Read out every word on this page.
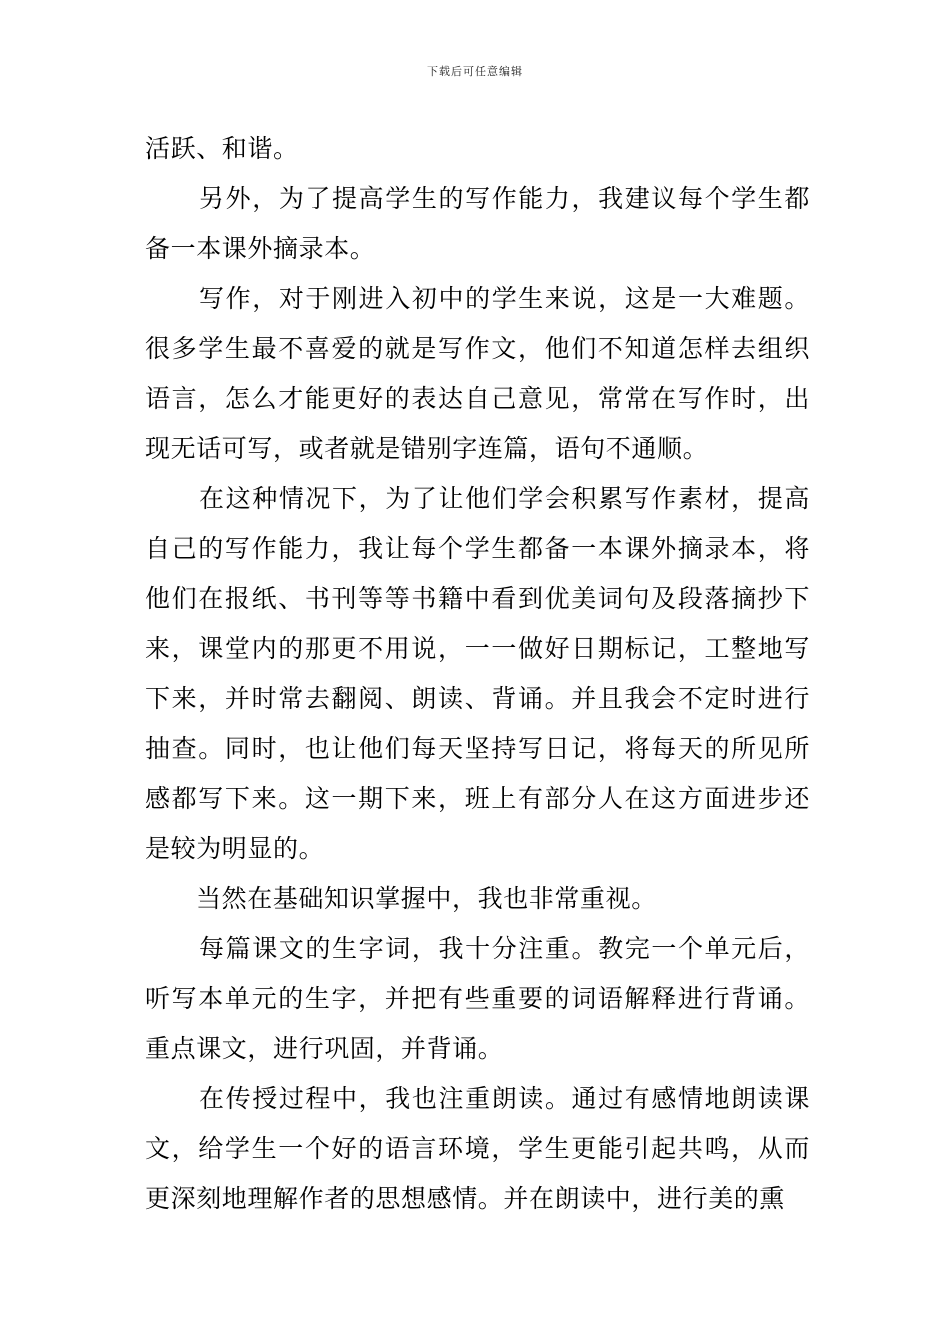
下载后可任意编辑

活跃、和谐。

另外，为了提高学生的写作能力，我建议每个学生都备一本课外摘录本。

写作，对于刚进入初中的学生来说，这是一大难题。很多学生最不喜爱的就是写作文，他们不知道怎样去组织语言，怎么才能更好的表达自己意见，常常在写作时，出现无话可写，或者就是错别字连篇，语句不通顺。

在这种情况下，为了让他们学会积累写作素材，提高自己的写作能力，我让每个学生都备一本课外摘录本，将他们在报纸、书刊等等书籍中看到优美词句及段落摘抄下来，课堂内的那更不用说，一一做好日期标记，工整地写下来，并时常去翻阅、朗读、背诵。并且我会不定时进行抽查。同时，也让他们每天坚持写日记，将每天的所见所感都写下来。这一期下来，班上有部分人在这方面进步还是较为明显的。

当然在基础知识掌握中，我也非常重视。

每篇课文的生字词，我十分注重。教完一个单元后，听写本单元的生字，并把有些重要的词语解释进行背诵。重点课文，进行巩固，并背诵。

在传授过程中，我也注重朗读。通过有感情地朗读课文，给学生一个好的语言环境，学生更能引起共鸣，从而更深刻地理解作者的思想感情。并在朗读中，进行美的熏
